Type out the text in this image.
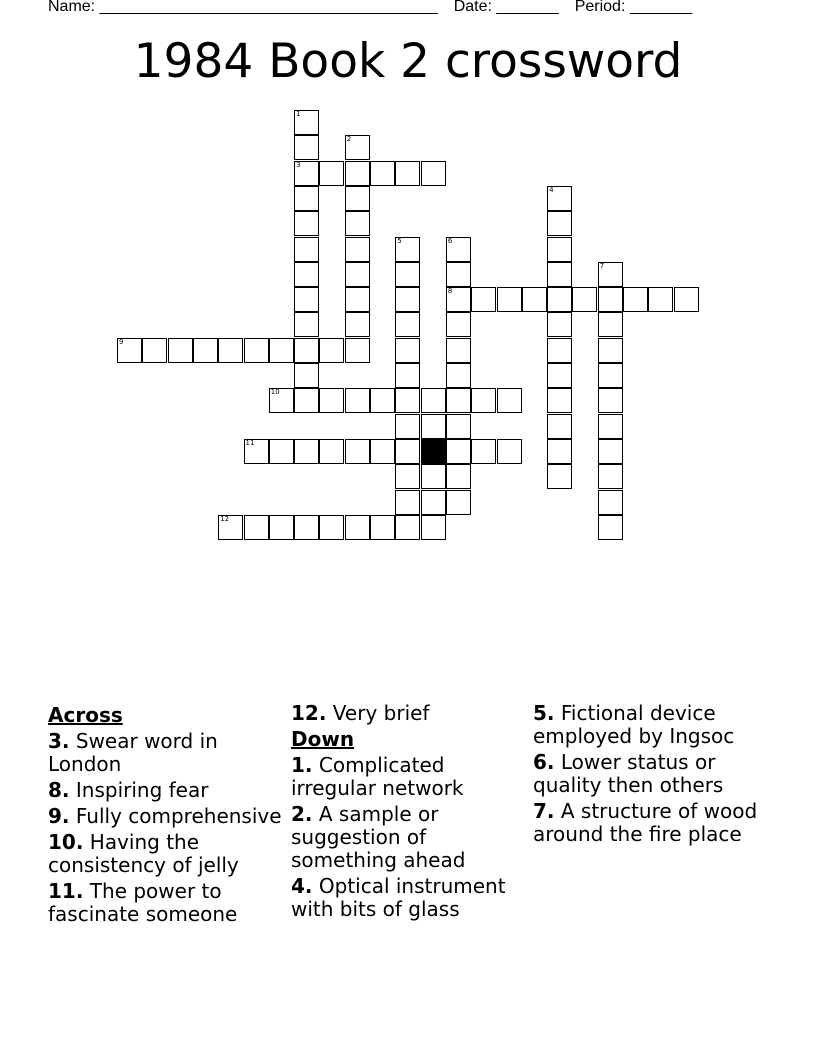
Name: ______________________________________ Date: _______ Period: _______
1984 Book 2 crossword
1
3
2
4
5	6
8
7
9
10
11
12
Across
3. Swear word in London
8. Inspiring fear
9. Fully comprehensive
10. Having the consistency of jelly
11. The power to fascinate someone
12. Very brief
Down
1. Complicated irregular network
2. A sample or suggestion of something ahead
4. Optical instrument with bits of glass
5. Fictional device employed by Ingsoc
6. Lower status or quality then others
7. A structure of wood around the fire place
